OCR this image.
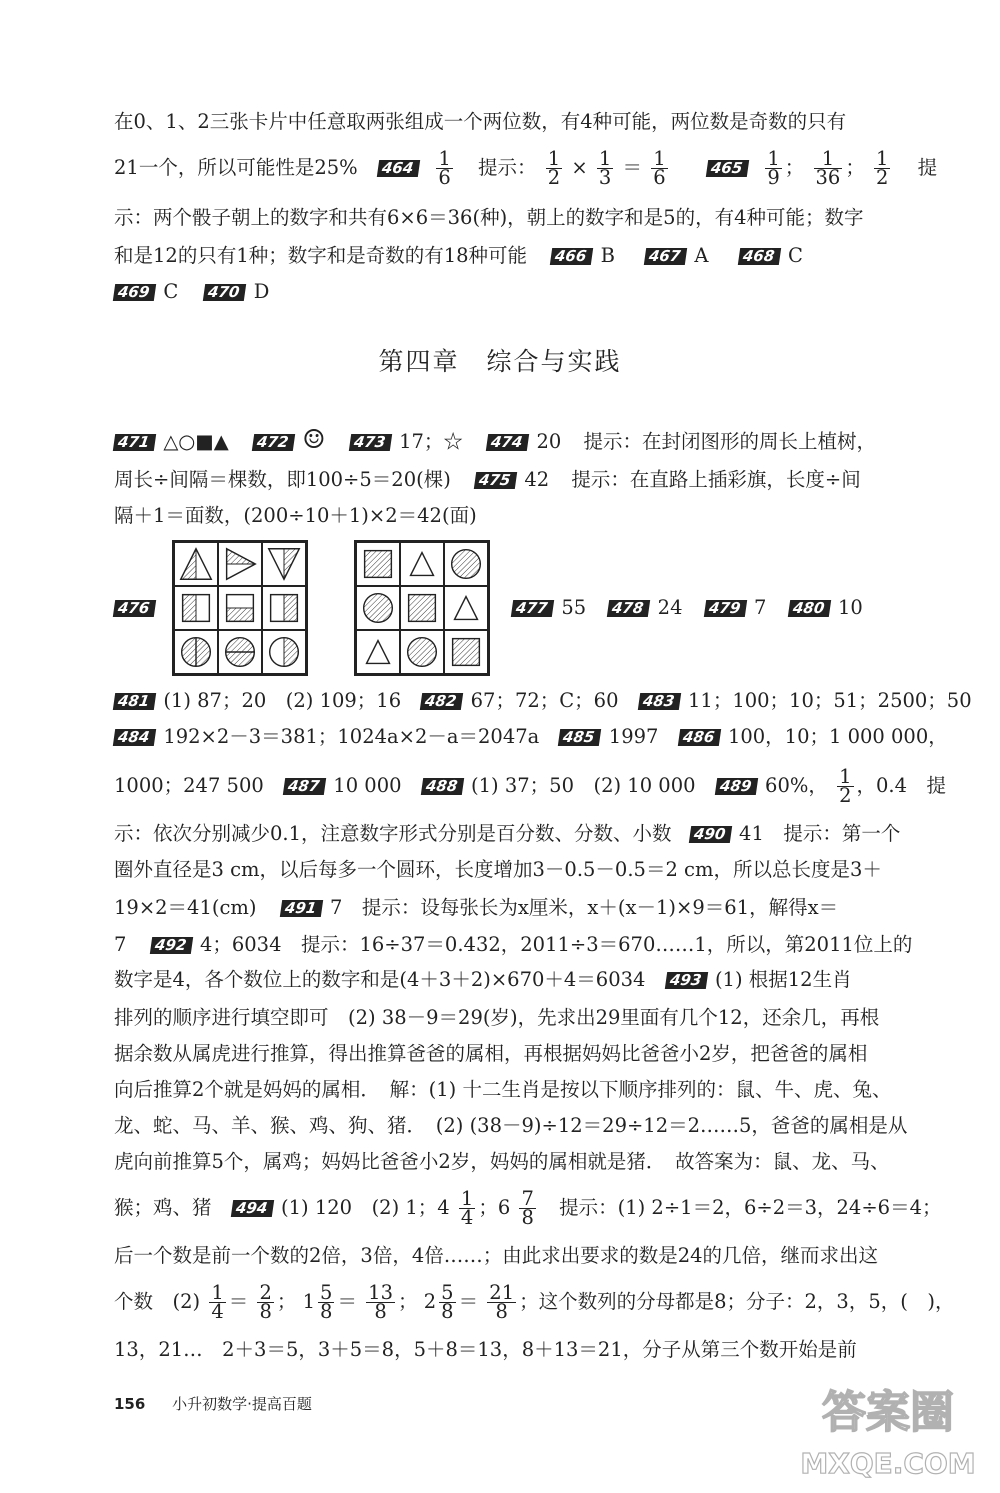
在0、1、2三张卡片中任意取两张组成一个两位数，有4种可能，两位数是奇数的只有
21一个，所以可能性是25% $464 \frac{1}{6}$ 提示： $\frac{1}{2} \times \frac{1}{3} = \frac{1}{6}$	$465 \frac{1}{9}$ ； $\frac{1}{36}$ ； $\frac{1}{2}$ 提
示：两个骰子朝上的数字和共有6×6＝36(种)，朝上的数字和是5的，有4种可能；数字
和是12的只有1种；数字和是奇数的有18种可能 466 B 467 A 468 C
469 C 470 D
第四章　综合与实践
471 △○■▲ 472 ☺ 473 17；☆ 474 20 提示：在封闭图形的周长上植树，
周长÷间隔＝棵数，即100÷5＝20(棵) 475 42 提示：在直路上插彩旗，长度÷间
隔＋1＝面数，(200÷10＋1)×2＝42(面)
476	477 55 478 24 479 7 480 10
481 (1) 87；20　(2) 109；16 482 67；72；C；60 483 11；100；10；51；2500；50
484 192×2－3＝381；1024a×2－a＝2047a 485 1997 486 100，10；1 000 000，
1000；247 500 487 10 000 488 (1) 37；50　(2) 10 000 489 60%， $\frac{1}{2}$ ，0.4　提
示：依次分别减少0.1，注意数字形式分别是百分数、分数、小数 490 41　提示：第一个
圈外直径是3 cm，以后每多一个圆环，长度增加3－0.5－0.5＝2 cm，所以总长度是3＋
19×2＝41(cm) 491 7　提示：设每张长为x厘米，x＋(x－1)×9＝61，解得x＝
7 492 4；6034　提示：16÷37＝0.432，2011÷3＝670……1，所以，第2011位上的
数字是4，各个数位上的数字和是(4＋3＋2)×670＋4＝6034 493 (1) 根据12生肖
排列的顺序进行填空即可　(2) 38－9＝29(岁)，先求出29里面有几个12，还余几，再根
据余数从属虎进行推算，得出推算爸爸的属相，再根据妈妈比爸爸小2岁，把爸爸的属相
向后推算2个就是妈妈的属相．　解：(1) 十二生肖是按以下顺序排列的：鼠、牛、虎、兔、
龙、蛇、马、羊、猴、鸡、狗、猪．　(2) (38－9)÷12＝29÷12＝2……5，爸爸的属相是从
虎向前推算5个，属鸡；妈妈比爸爸小2岁，妈妈的属相就是猪．　故答案为：鼠、龙、马、
猴；鸡、猪 494 (1) 120　(2) 1；$4 \frac{1}{4}$ ；$6 \frac{7}{8}$ 提示：(1) 2÷1＝2，6÷2＝3，24÷6＝4；
后一个数是前一个数的2倍，3倍，4倍……；由此求出要求的数是24的几倍，继而求出这
个数　$(2) \frac{1}{4} = \frac{2}{8}$ ； $1 \frac{5}{8} = \frac{13}{8}$ ； $2 \frac{5}{8} = \frac{21}{8}$ ；这个数列的分母都是8；分子：2，3，5，(　)，
13，21…　2＋3＝5，3＋5＝8，5＋8＝13，8＋13＝21，分子从第三个数开始是前
156 小升初数学·提高百题	答案圈
MXQE.COM
